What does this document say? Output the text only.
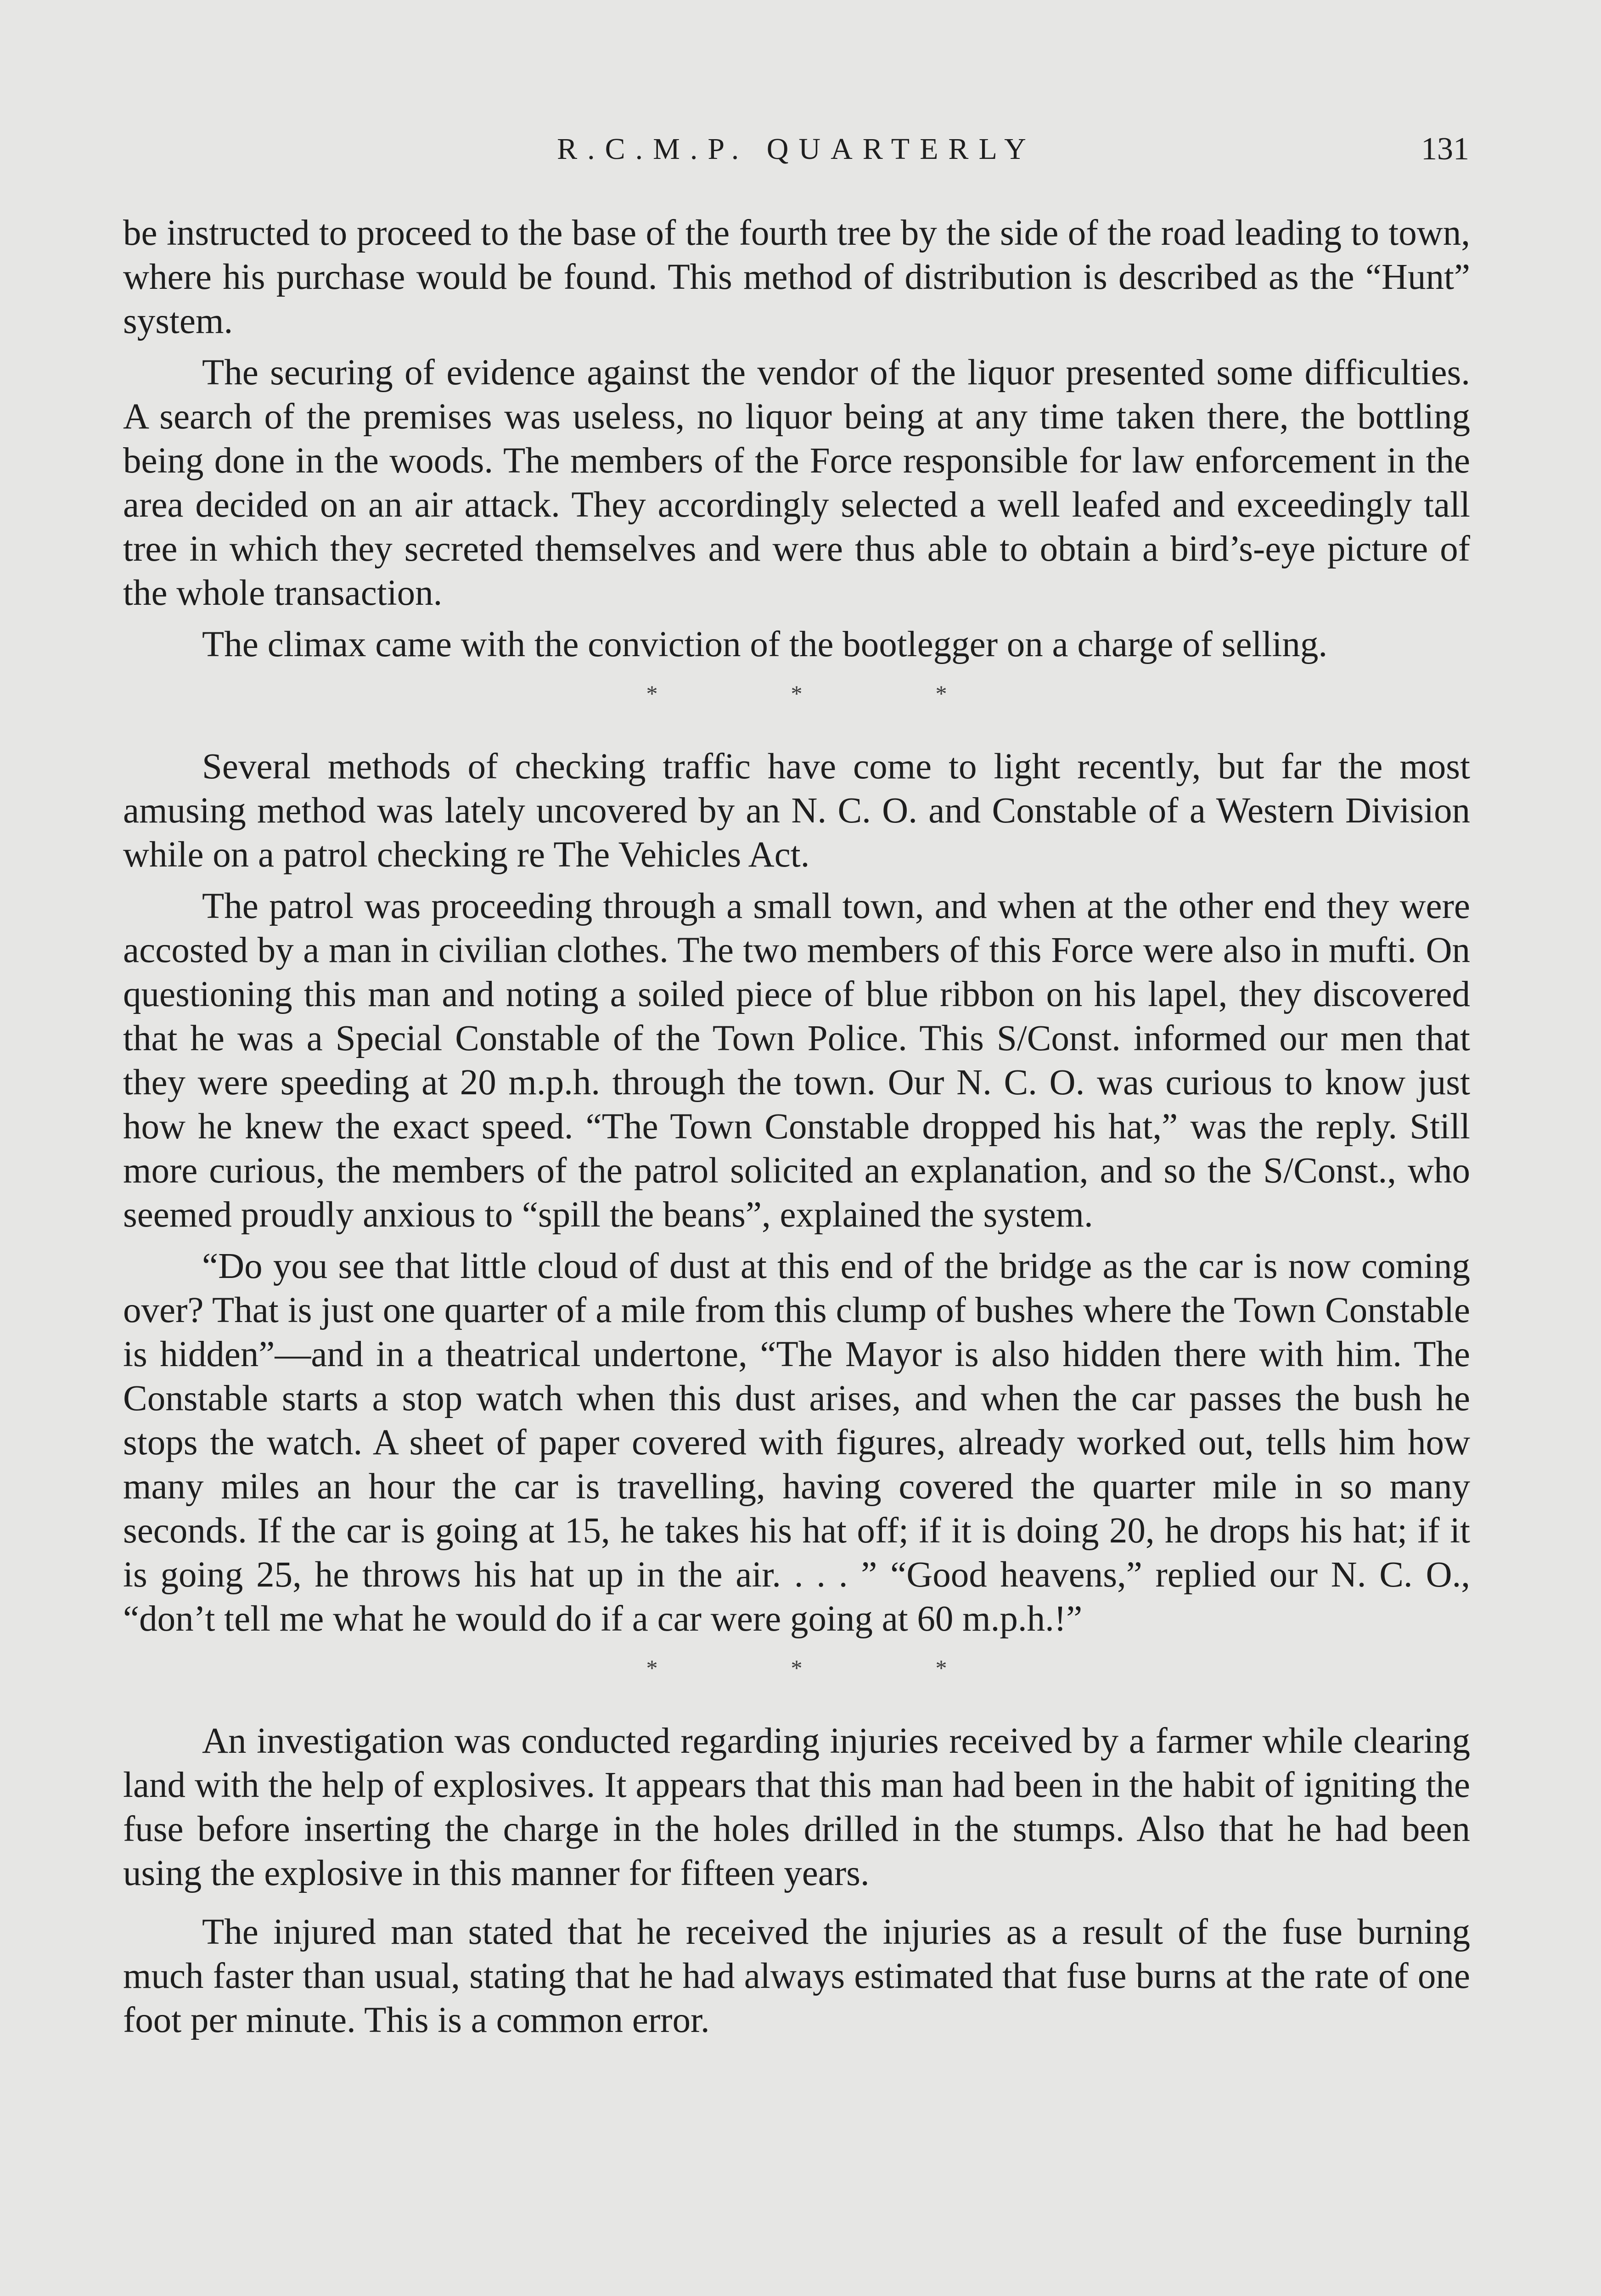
R.C.M.P. QUARTERLY	131

be instructed to proceed to the base of the fourth tree by the side of the road leading to town, where his purchase would be found. This method of distribution is described as the “Hunt” system.

The securing of evidence against the vendor of the liquor presented some difficulties. A search of the premises was useless, no liquor being at any time taken there, the bottling being done in the woods. The members of the Force responsible for law enforcement in the area decided on an air attack. They accordingly selected a well leafed and exceedingly tall tree in which they secreted themselves and were thus able to obtain a bird’s-eye picture of the whole transaction.

The climax came with the conviction of the bootlegger on a charge of selling.

*	*	*

Several methods of checking traffic have come to light recently, but far the most amusing method was lately uncovered by an N. C. O. and Constable of a Western Division while on a patrol checking re The Vehicles Act.

The patrol was proceeding through a small town, and when at the other end they were accosted by a man in civilian clothes. The two members of this Force were also in mufti. On questioning this man and noting a soiled piece of blue ribbon on his lapel, they discovered that he was a Special Constable of the Town Police. This S/Const. informed our men that they were speeding at 20 m.p.h. through the town. Our N. C. O. was curious to know just how he knew the exact speed. “The Town Constable dropped his hat,” was the reply. Still more curious, the members of the patrol solicited an explanation, and so the S/Const., who seemed proudly anxious to “spill the beans”, explained the system.

“Do you see that little cloud of dust at this end of the bridge as the car is now coming over? That is just one quarter of a mile from this clump of bushes where the Town Constable is hidden”—and in a theatrical undertone, “The Mayor is also hidden there with him. The Constable starts a stop watch when this dust arises, and when the car passes the bush he stops the watch. A sheet of paper covered with figures, already worked out, tells him how many miles an hour the car is travelling, having covered the quarter mile in so many seconds. If the car is going at 15, he takes his hat off; if it is doing 20, he drops his hat; if it is going 25, he throws his hat up in the air. . . . ” “Good heavens,” replied our N. C. O., “don’t tell me what he would do if a car were going at 60 m.p.h.!”

*	*	*

An investigation was conducted regarding injuries received by a farmer while clearing land with the help of explosives. It appears that this man had been in the habit of igniting the fuse before inserting the charge in the holes drilled in the stumps. Also that he had been using the explosive in this manner for fifteen years.

The injured man stated that he received the injuries as a result of the fuse burning much faster than usual, stating that he had always estimated that fuse burns at the rate of one foot per minute. This is a common error.
